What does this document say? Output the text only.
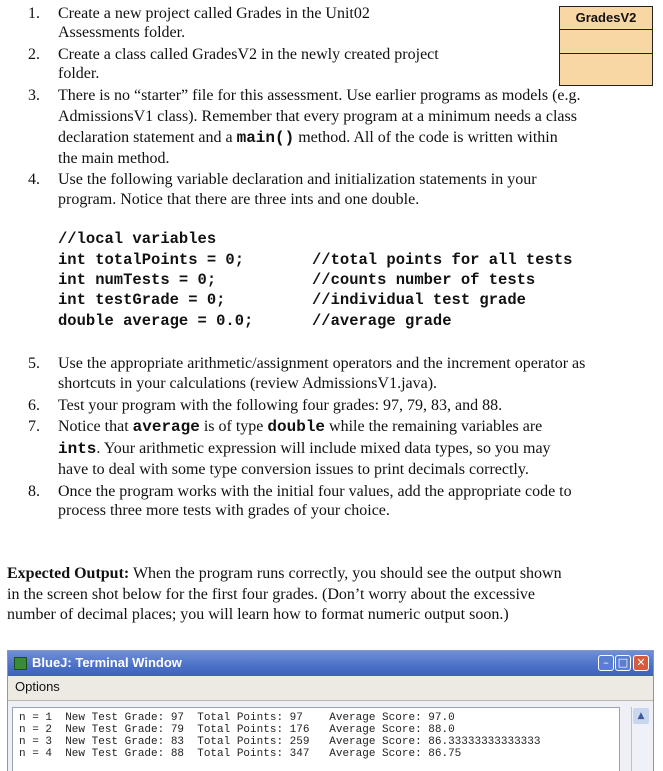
GradesV2
1. Create a new project called Grades in the Unit02
Assessments folder.
2. Create a class called GradesV2 in the newly created project
folder.
3. There is no “starter” file for this assessment. Use earlier programs as models (e.g.
AdmissionsV1 class). Remember that every program at a minimum needs a class
declaration statement and a main() method. All of the code is written within
the main method.
4. Use the following variable declaration and initialization statements in your
program. Notice that there are three ints and one double.
//local variables
int totalPoints = 0;
int numTests = 0;
int testGrade = 0;
double average = 0.0;
//total points for all tests
//counts number of tests
//individual test grade
//average grade
5. Use the appropriate arithmetic/assignment operators and the increment operator as
shortcuts in your calculations (review AdmissionsV1.java).
6. Test your program with the following four grades: 97, 79, 83, and 88.
7. Notice that average is of type double while the remaining variables are
ints. Your arithmetic expression will include mixed data types, so you may
have to deal with some type conversion issues to print decimals correctly.
8. Once the program works with the initial four values, add the appropriate code to
process three more tests with grades of your choice.
Expected Output: When the program runs correctly, you should see the output shown
in the screen shot below for the first four grades. (Don’t worry about the excessive
number of decimal places; you will learn how to format numeric output soon.)
BlueJ: Terminal Window	– □ ✕
Options
n = 1  New Test Grade: 97  Total Points: 97    Average Score: 97.0
n = 2  New Test Grade: 79  Total Points: 176   Average Score: 88.0
n = 3  New Test Grade: 83  Total Points: 259   Average Score: 86.33333333333333
n = 4  New Test Grade: 88  Total Points: 347   Average Score: 86.75
▲
